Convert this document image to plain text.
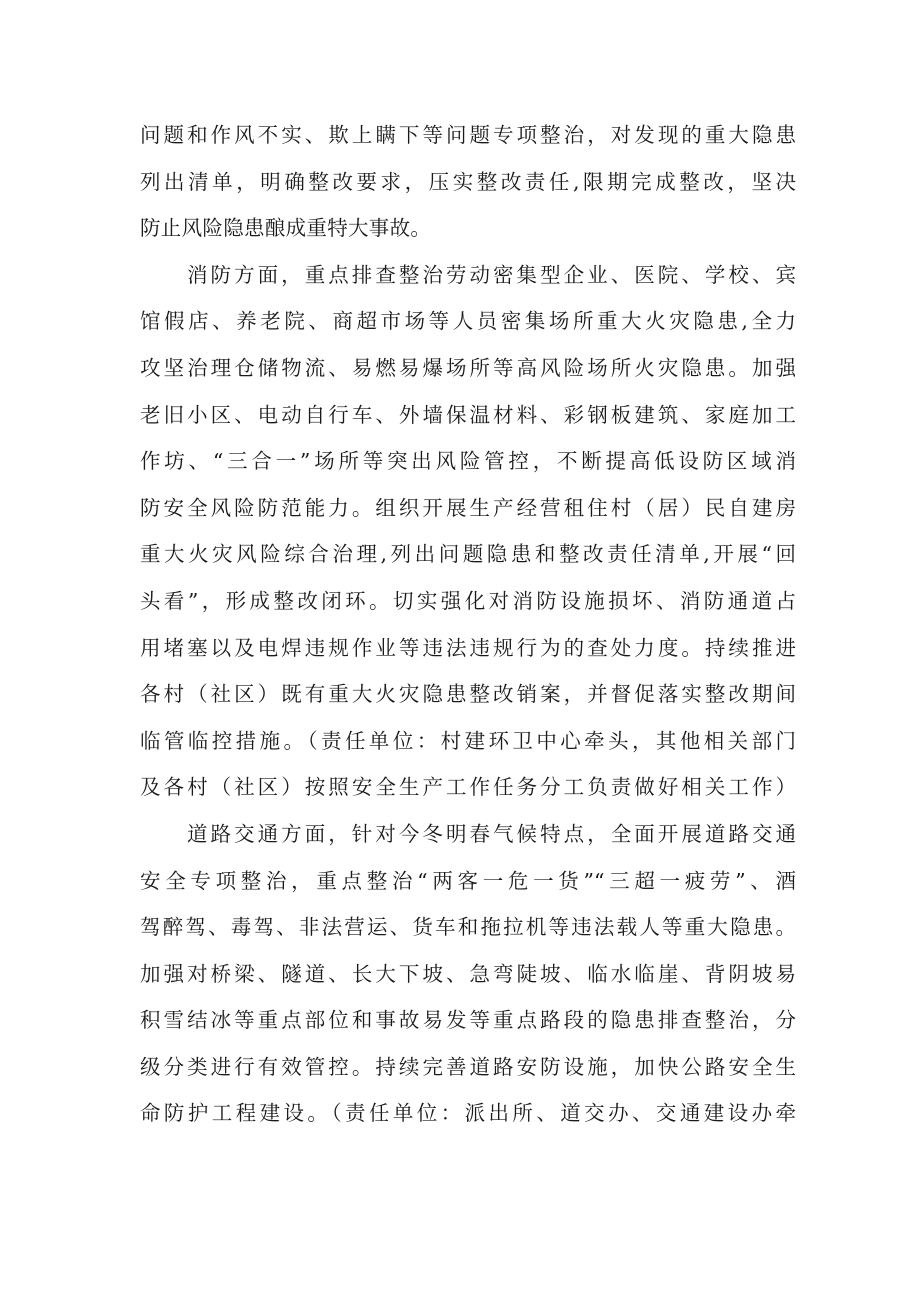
问题和作风不实、欺上瞒下等问题专项整治，对发现的重大隐患
列出清单，明确整改要求，压实整改责任,限期完成整改，坚决
防止风险隐患酿成重特大事故。
消防方面，重点排查整治劳动密集型企业、医院、学校、宾
馆假店、养老院、商超市场等人员密集场所重大火灾隐患,全力
攻坚治理仓储物流、易燃易爆场所等高风险场所火灾隐患。加强
老旧小区、电动自行车、外墙保温材料、彩钢板建筑、家庭加工
作坊、“三合一”场所等突出风险管控，不断提高低设防区域消
防安全风险防范能力。组织开展生产经营租住村（居）民自建房
重大火灾风险综合治理,列出问题隐患和整改责任清单,开展“回
头看”，形成整改闭环。切实强化对消防设施损坏、消防通道占
用堵塞以及电焊违规作业等违法违规行为的查处力度。持续推进
各村（社区）既有重大火灾隐患整改销案，并督促落实整改期间
临管临控措施。（责任单位：村建环卫中心牵头，其他相关部门
及各村（社区）按照安全生产工作任务分工负责做好相关工作）
道路交通方面，针对今冬明春气候特点，全面开展道路交通
安全专项整治，重点整治“两客一危一货”“三超一疲劳”、酒
驾醉驾、毒驾、非法营运、货车和拖拉机等违法载人等重大隐患。
加强对桥梁、隧道、长大下坡、急弯陡坡、临水临崖、背阴坡易
积雪结冰等重点部位和事故易发等重点路段的隐患排查整治，分
级分类进行有效管控。持续完善道路安防设施，加快公路安全生
命防护工程建设。（责任单位：派出所、道交办、交通建设办牵
